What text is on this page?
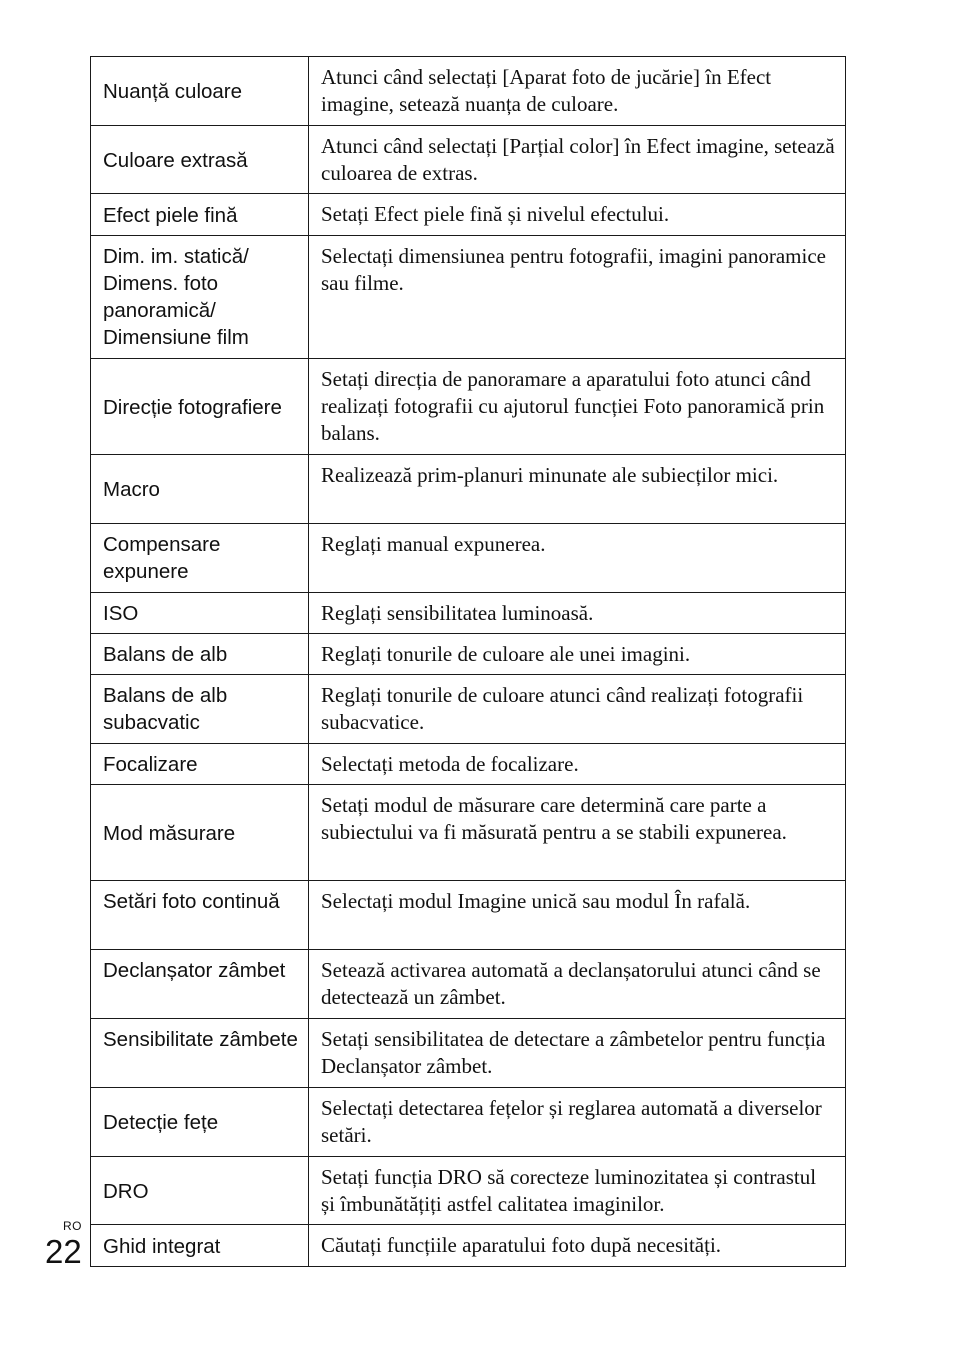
Nuanță culoare	Atunci când selectați [Aparat foto de jucărie] în Efect imagine, setează nuanța de culoare.
Culoare extrasă	Atunci când selectați [Parțial color] în Efect imagine, setează culoarea de extras.
Efect piele fină	Setați Efect piele fină și nivelul efectului.
Dim. im. statică/ Dimens. foto panoramică/ Dimensiune film	Selectați dimensiunea pentru fotografii, imagini panoramice sau filme.
Direcție fotografiere	Setați direcția de panoramare a aparatului foto atunci când realizați fotografii cu ajutorul funcției Foto panoramică prin balans.
Macro	Realizează prim-planuri minunate ale subiecților mici.
Compensare expunere	Reglați manual expunerea.
ISO	Reglați sensibilitatea luminoasă.
Balans de alb	Reglați tonurile de culoare ale unei imagini.
Balans de alb subacvatic	Reglați tonurile de culoare atunci când realizați fotografii subacvatice.
Focalizare	Selectați metoda de focalizare.
Mod măsurare	Setați modul de măsurare care determină care parte a subiectului va fi măsurată pentru a se stabili expunerea.
Setări foto continuă	Selectați modul Imagine unică sau modul În rafală.
Declanșator zâmbet	Setează activarea automată a declanșatorului atunci când se detectează un zâmbet.
Sensibilitate zâmbete	Setați sensibilitatea de detectare a zâmbetelor pentru funcția Declanșator zâmbet.
Detecție fețe	Selectați detectarea fețelor și reglarea automată a diverselor setări.
DRO	Setați funcția DRO să corecteze luminozitatea și contrastul și îmbunătățiți astfel calitatea imaginilor.
Ghid integrat	Căutați funcțiile aparatului foto după necesități.
RO
22
